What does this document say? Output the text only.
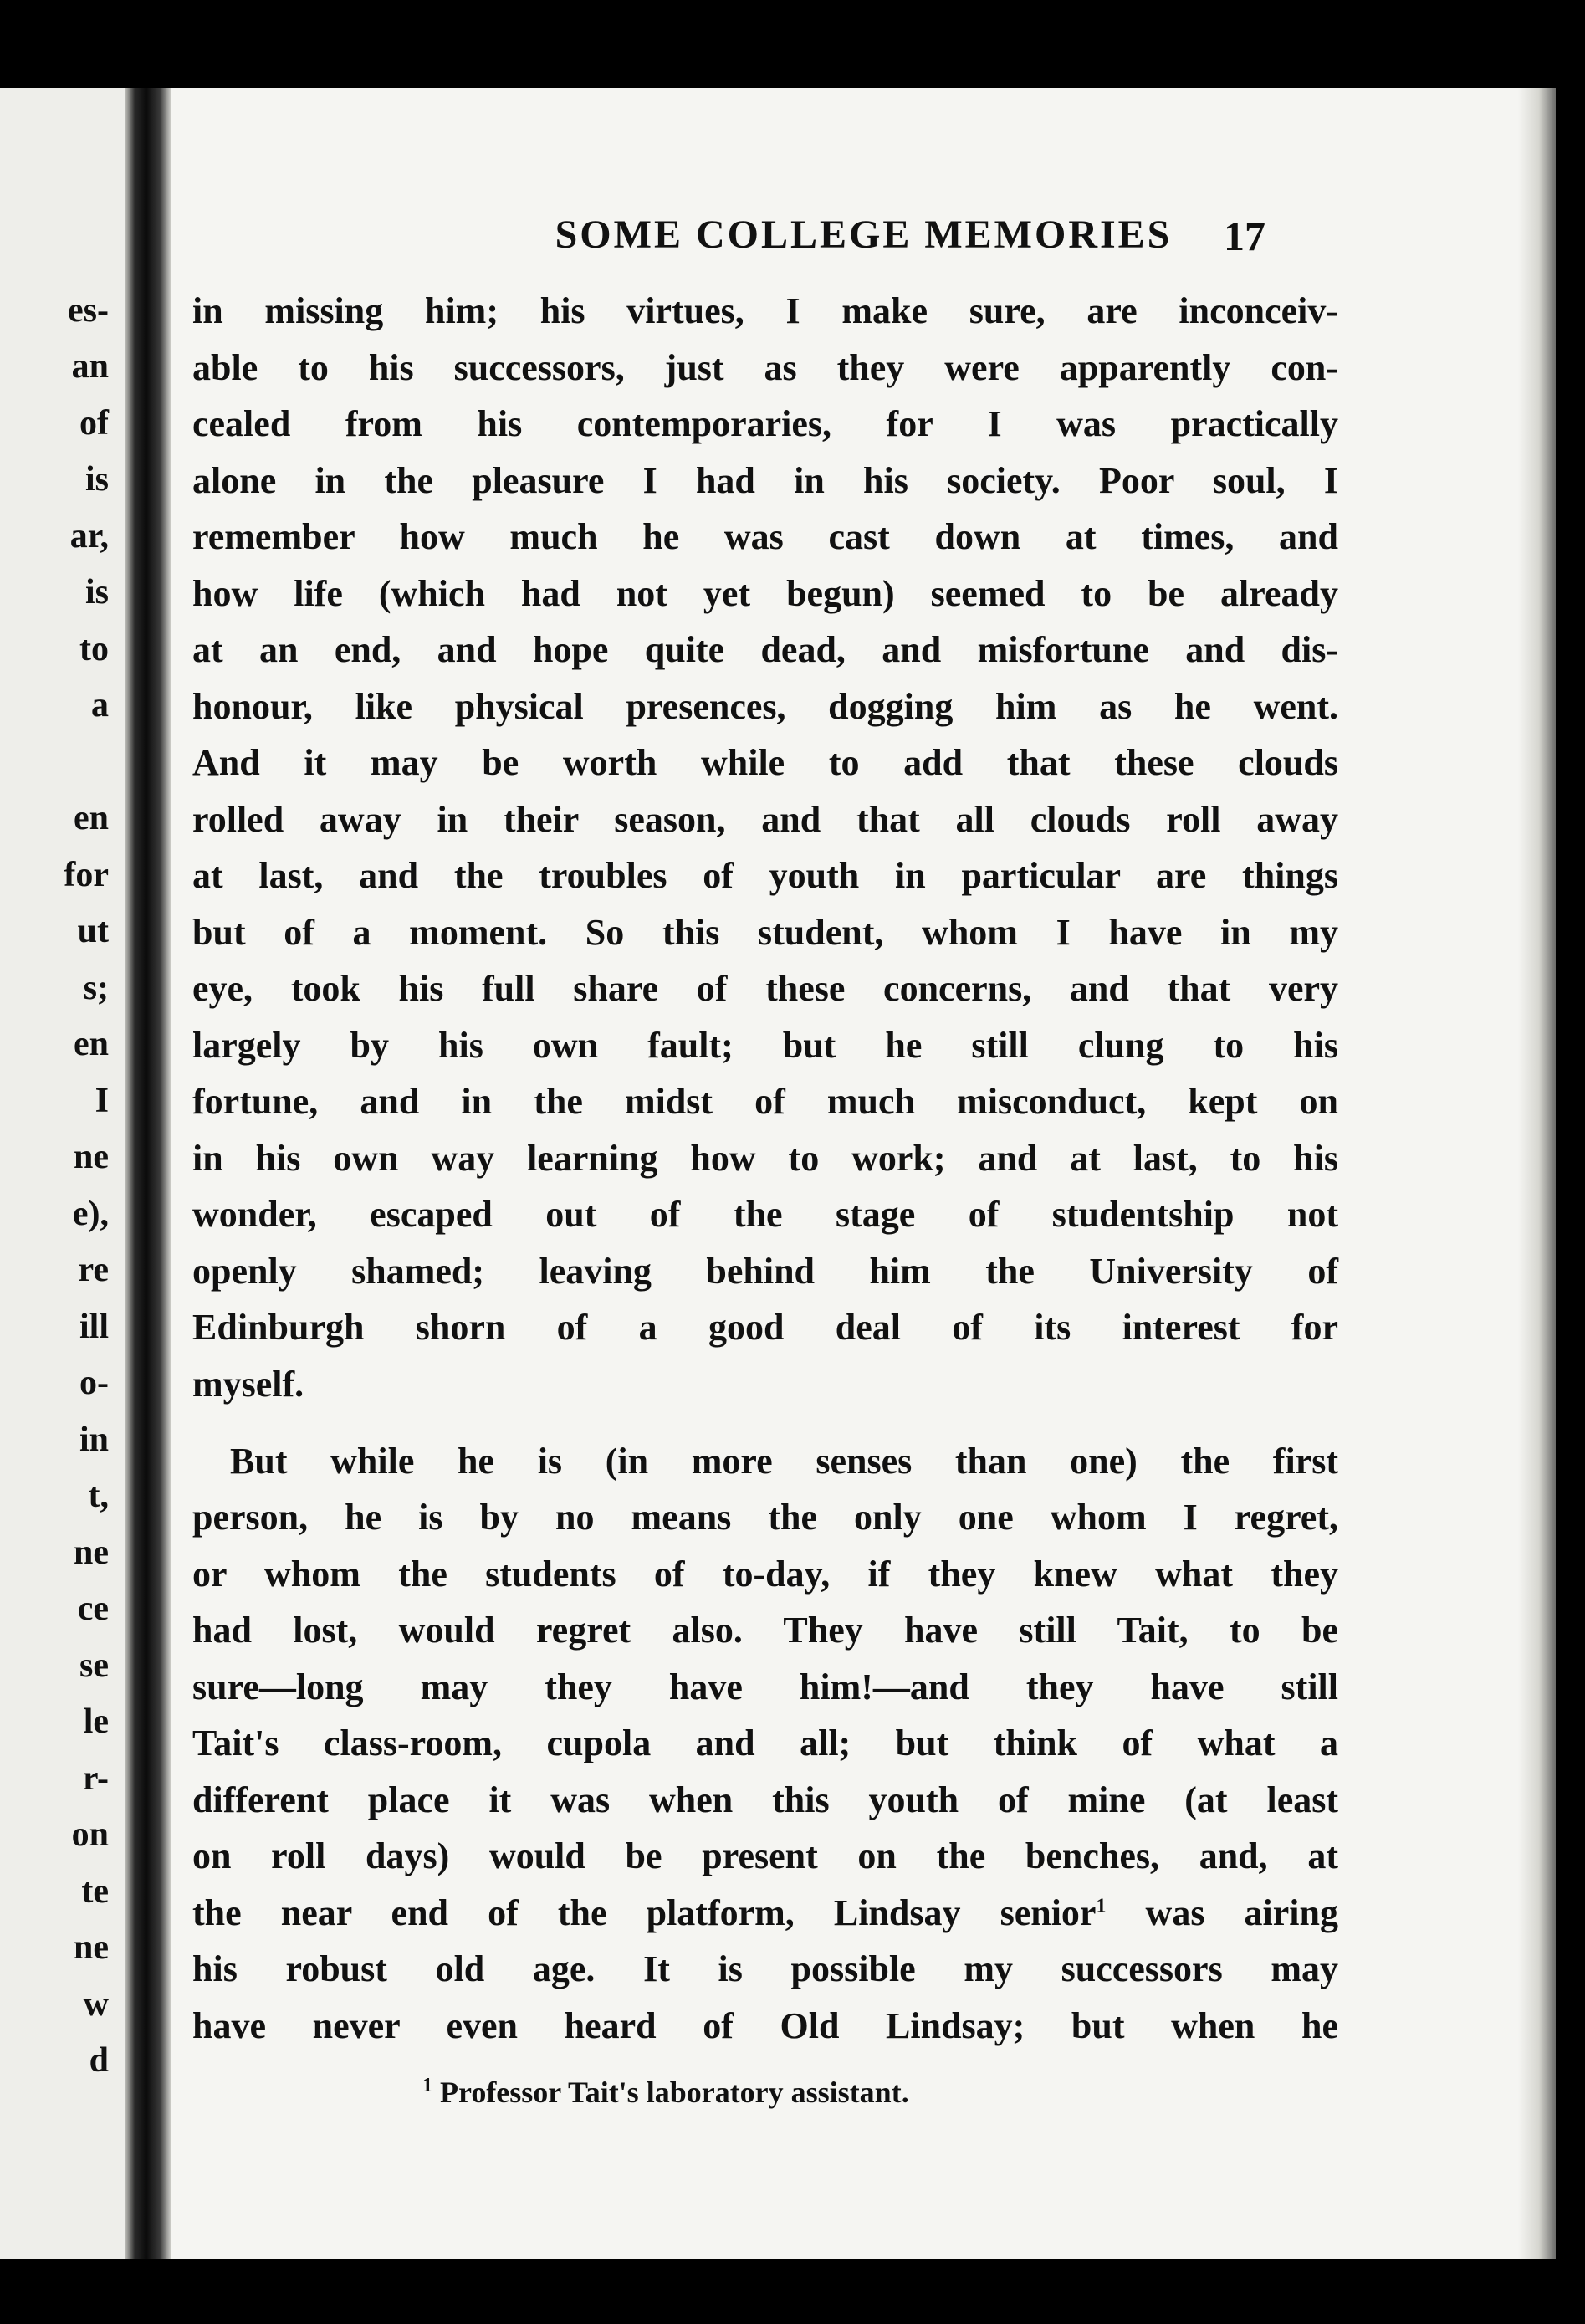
es-
an
of
is
ar,
is
to
a
en
for
ut
s;
en
I
ne
e),
re
ill
o-
in
t,
ne
ce
se
le
r-
on
te
ne
w
d
SOME COLLEGE MEMORIES	17
in missing him; his virtues, I make sure, are inconceiv-
able to his successors, just as they were apparently con-
cealed from his contemporaries, for I was practically
alone in the pleasure I had in his society. Poor soul, I
remember how much he was cast down at times, and
how life (which had not yet begun) seemed to be already
at an end, and hope quite dead, and misfortune and dis-
honour, like physical presences, dogging him as he went.
And it may be worth while to add that these clouds
rolled away in their season, and that all clouds roll away
at last, and the troubles of youth in particular are things
but of a moment. So this student, whom I have in my
eye, took his full share of these concerns, and that very
largely by his own fault; but he still clung to his
fortune, and in the midst of much misconduct, kept on
in his own way learning how to work; and at last, to his
wonder, escaped out of the stage of studentship not
openly shamed; leaving behind him the University of
Edinburgh shorn of a good deal of its interest for
myself.
But while he is (in more senses than one) the first
person, he is by no means the only one whom I regret,
or whom the students of to-day, if they knew what they
had lost, would regret also. They have still Tait, to be
sure—long may they have him!—and they have still
Tait's class-room, cupola and all; but think of what a
different place it was when this youth of mine (at least
on roll days) would be present on the benches, and, at
the near end of the platform, Lindsay senior$^1$ was airing
his robust old age. It is possible my successors may
have never even heard of Old Lindsay; but when he
$^1$ Professor Tait's laboratory assistant.
